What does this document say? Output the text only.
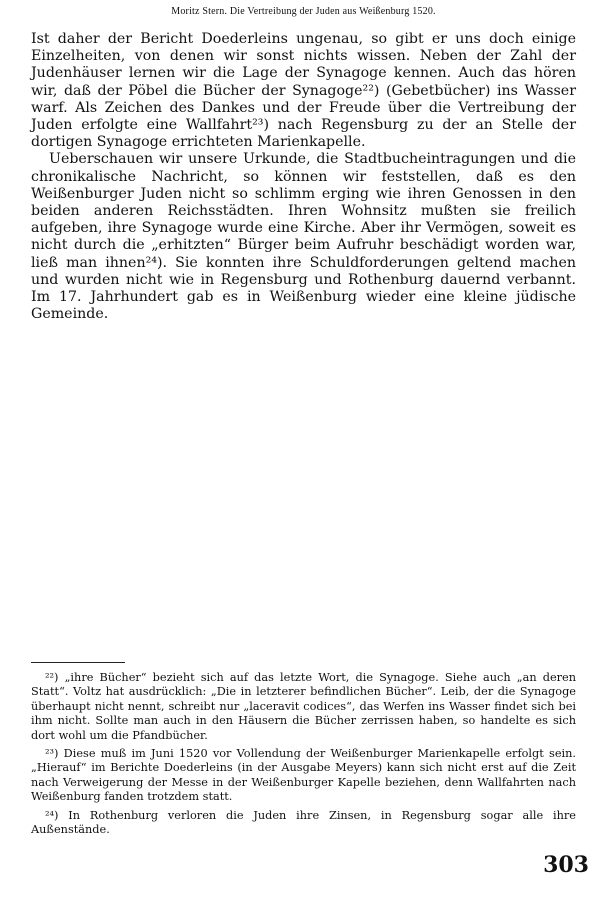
Moritz Stern. Die Vertreibung der Juden aus Weißenburg 1520.

Ist daher der Bericht Doederleins ungenau, so gibt er uns doch einige Einzelheiten, von denen wir sonst nichts wissen. Neben der Zahl der Judenhäuser lernen wir die Lage der Synagoge kennen. Auch das hören wir, daß der Pöbel die Bücher der Synagoge²²) (Gebetbücher) ins Wasser warf. Als Zeichen des Dankes und der Freude über die Vertreibung der Juden erfolgte eine Wallfahrt²³) nach Regensburg zu der an Stelle der dortigen Synagoge errichteten Marienkapelle.

Ueberschauen wir unsere Urkunde, die Stadtbucheintragungen und die chronikalische Nachricht, so können wir feststellen, daß es den Weißenburger Juden nicht so schlimm erging wie ihren Genossen in den beiden anderen Reichsstädten. Ihren Wohnsitz mußten sie freilich aufgeben, ihre Synagoge wurde eine Kirche. Aber ihr Vermögen, soweit es nicht durch die „erhitzten“ Bürger beim Aufruhr beschädigt worden war, ließ man ihnen²⁴). Sie konnten ihre Schuldforderungen geltend machen und wurden nicht wie in Regensburg und Rothenburg dauernd verbannt. Im 17. Jahrhundert gab es in Weißenburg wieder eine kleine jüdische Gemeinde.

²²) „ihre Bücher“ bezieht sich auf das letzte Wort, die Synagoge. Siehe auch „an deren Statt“. Voltz hat ausdrücklich: „Die in letzterer befindlichen Bücher“. Leib, der die Synagoge überhaupt nicht nennt, schreibt nur „laceravit codices“, das Werfen ins Wasser findet sich bei ihm nicht. Sollte man auch in den Häusern die Bücher zerrissen haben, so handelte es sich dort wohl um die Pfandbücher.

²³) Diese muß im Juni 1520 vor Vollendung der Weißenburger Marienkapelle erfolgt sein. „Hierauf“ im Berichte Doederleins (in der Ausgabe Meyers) kann sich nicht erst auf die Zeit nach Verweigerung der Messe in der Weißenburger Kapelle beziehen, denn Wallfahrten nach Weißenburg fanden trotzdem statt.

²⁴) In Rothenburg verloren die Juden ihre Zinsen, in Regensburg sogar alle ihre Außenstände.

303
